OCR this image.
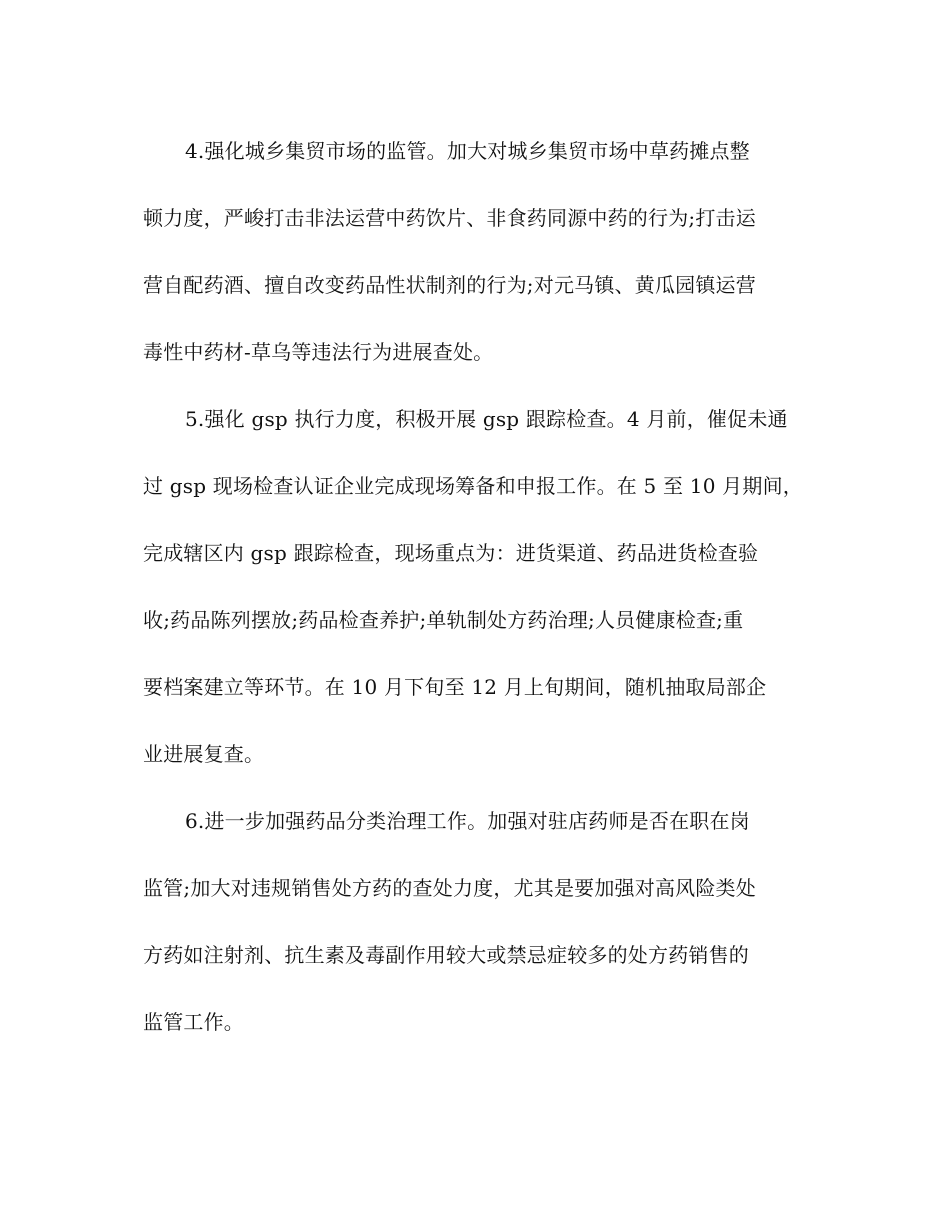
4.强化城乡集贸市场的监管。加大对城乡集贸市场中草药摊点整
顿力度，严峻打击非法运营中药饮片、非食药同源中药的行为;打击运
营自配药酒、擅自改变药品性状制剂的行为;对元马镇、黄瓜园镇运营
毒性中药材-草乌等违法行为进展查处。
5.强化 gsp 执行力度，积极开展 gsp 跟踪检查。4 月前，催促未通
过 gsp 现场检查认证企业完成现场筹备和申报工作。在 5 至 10 月期间，
完成辖区内 gsp 跟踪检查，现场重点为：进货渠道、药品进货检查验
收;药品陈列摆放;药品检查养护;单轨制处方药治理;人员健康检查;重
要档案建立等环节。在 10 月下旬至 12 月上旬期间，随机抽取局部企
业进展复查。
6.进一步加强药品分类治理工作。加强对驻店药师是否在职在岗
监管;加大对违规销售处方药的查处力度，尤其是要加强对高风险类处
方药如注射剂、抗生素及毒副作用较大或禁忌症较多的处方药销售的
监管工作。
